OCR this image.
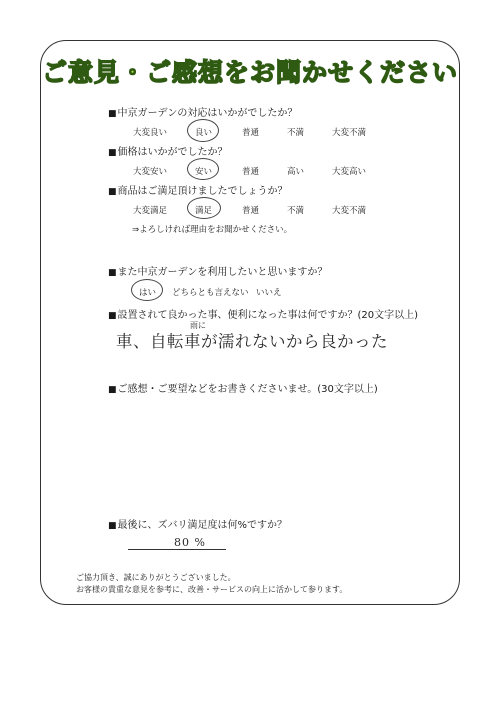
ご意見・ご感想をお聞かせください
■中京ガーデンの対応はいかがでしたか？
大変良い	良い	普通	不満	大変不満
■価格はいかがでしたか？
大変安い	安い	普通	高い	大変高い
■商品はご満足頂けましたでしょうか？
大変満足	満足	普通	不満	大変不満
⇒よろしければ理由をお聞かせください。
■また中京ガーデンを利用したいと思いますか？
はい どちらとも言えない いいえ
■設置されて良かった事、便利になった事は何ですか？(20文字以上)
雨に
車、自転車が濡れないから良かった
■ご感想・ご要望などをお書きくださいませ。(30文字以上)
■最後に、ズバリ満足度は何%ですか？
80 %
ご協力頂き、誠にありがとうございました。
お客様の貴重な意見を参考に、改善・サービスの向上に活かして参ります。
